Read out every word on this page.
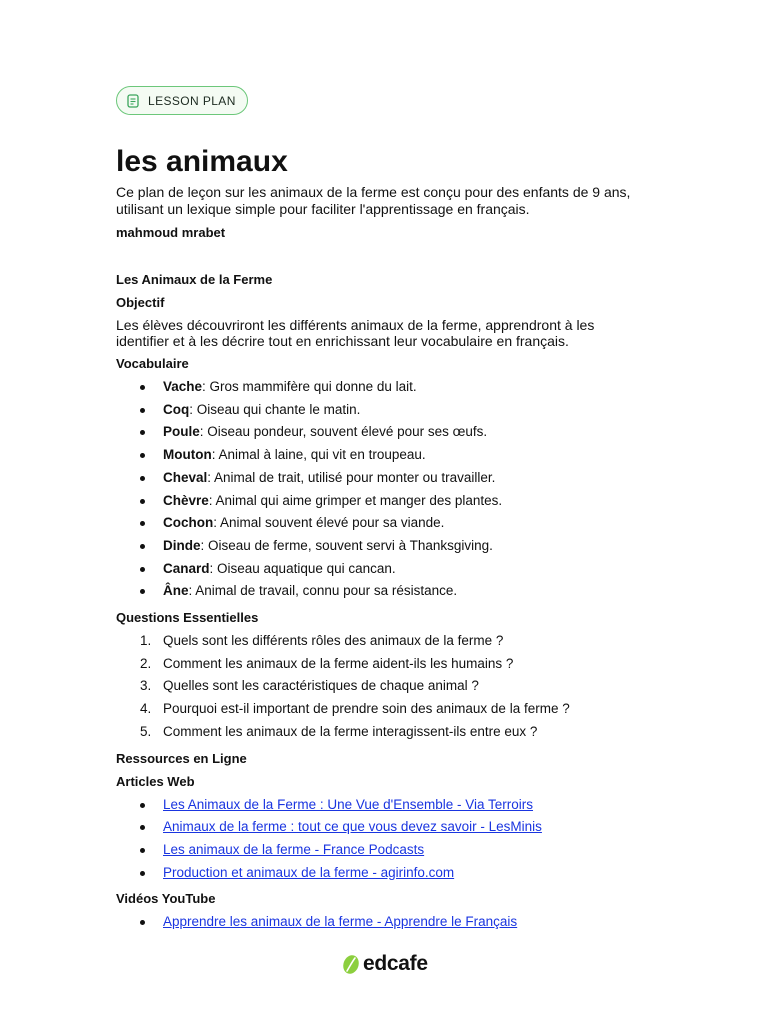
LESSON PLAN
les animaux

Ce plan de leçon sur les animaux de la ferme est conçu pour des enfants de 9 ans, utilisant un lexique simple pour faciliter l'apprentissage en français.

mahmoud mrabet

Les Animaux de la Ferme

Objectif

Les élèves découvriront les différents animaux de la ferme, apprendront à les identifier et à les décrire tout en enrichissant leur vocabulaire en français.

Vocabulaire

Vache: Gros mammifère qui donne du lait.
Coq: Oiseau qui chante le matin.
Poule: Oiseau pondeur, souvent élevé pour ses œufs.
Mouton: Animal à laine, qui vit en troupeau.
Cheval: Animal de trait, utilisé pour monter ou travailler.
Chèvre: Animal qui aime grimper et manger des plantes.
Cochon: Animal souvent élevé pour sa viande.
Dinde: Oiseau de ferme, souvent servi à Thanksgiving.
Canard: Oiseau aquatique qui cancan.
Âne: Animal de travail, connu pour sa résistance.

Questions Essentielles

1. Quels sont les différents rôles des animaux de la ferme ?
2. Comment les animaux de la ferme aident-ils les humains ?
3. Quelles sont les caractéristiques de chaque animal ?
4. Pourquoi est-il important de prendre soin des animaux de la ferme ?
5. Comment les animaux de la ferme interagissent-ils entre eux ?

Ressources en Ligne

Articles Web

Les Animaux de la Ferme : Une Vue d'Ensemble - Via Terroirs
Animaux de la ferme : tout ce que vous devez savoir - LesMinis
Les animaux de la ferme - France Podcasts
Production et animaux de la ferme - agirinfo.com

Vidéos YouTube

Apprendre les animaux de la ferme - Apprendre le Français
edcafe
